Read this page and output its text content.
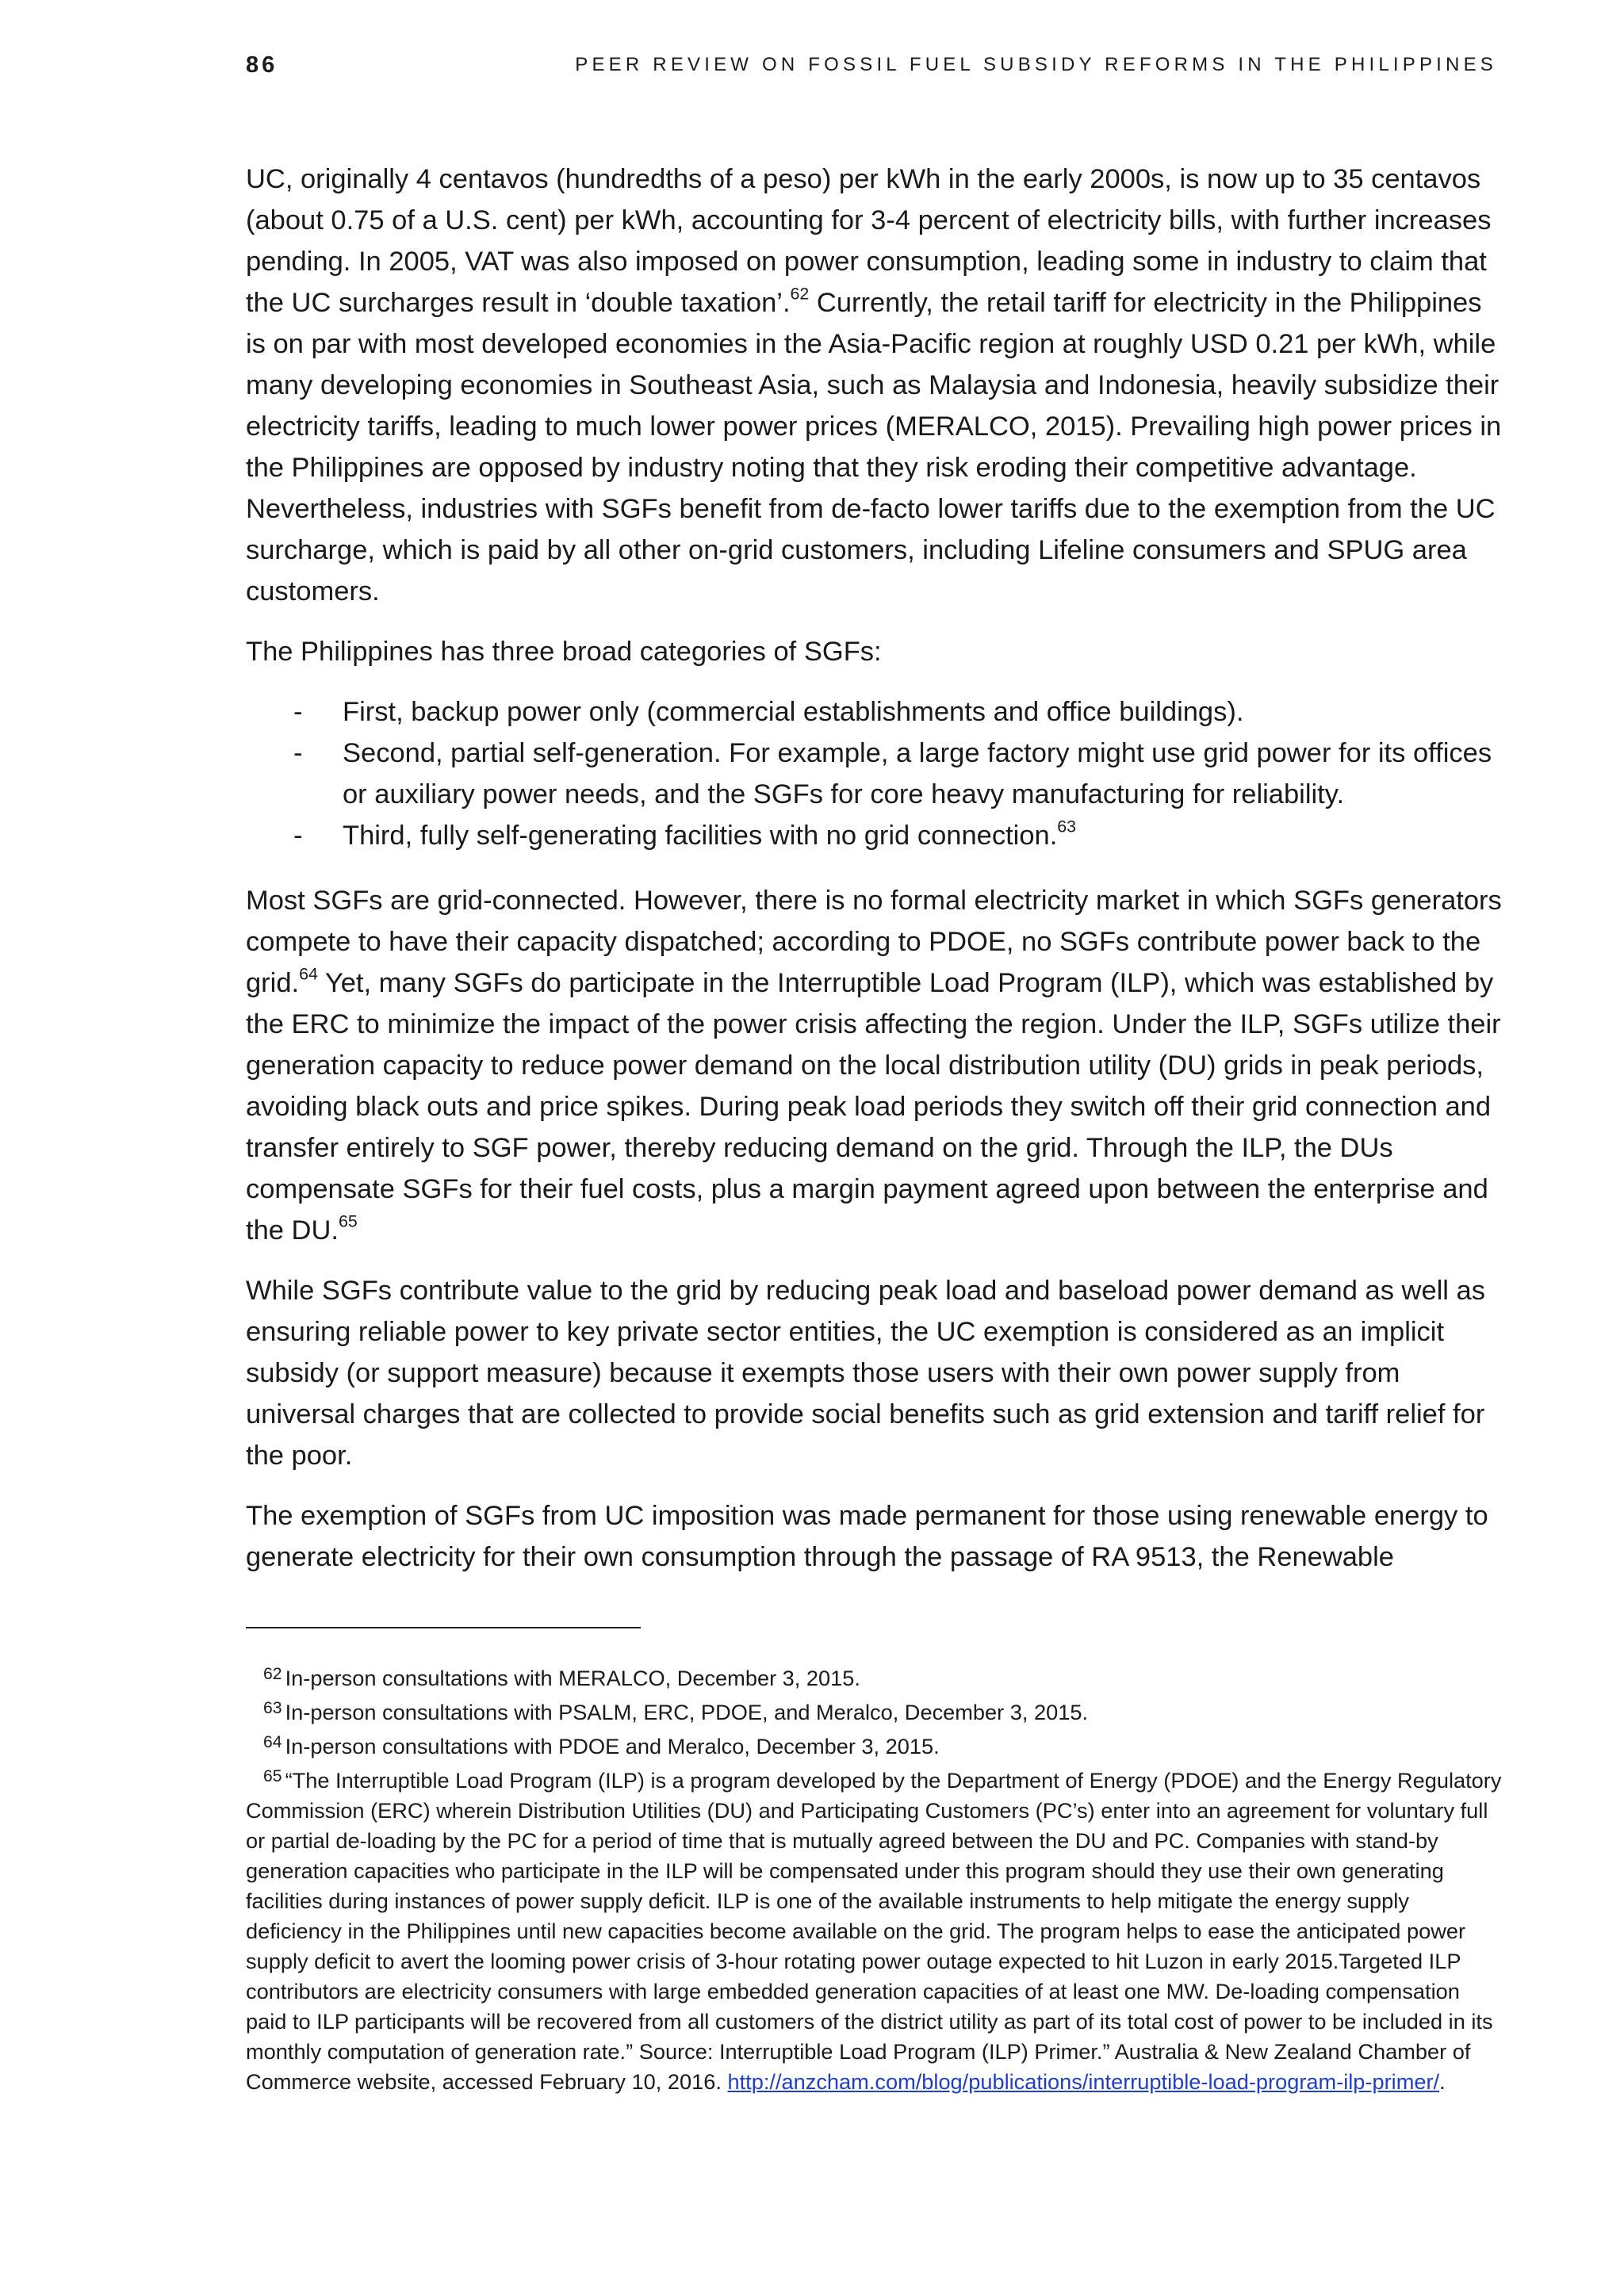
86	PEER REVIEW ON FOSSIL FUEL SUBSIDY REFORMS IN THE PHILIPPINES

UC, originally 4 centavos (hundredths of a peso) per kWh in the early 2000s, is now up to 35 centavos (about 0.75 of a U.S. cent) per kWh, accounting for 3-4 percent of electricity bills, with further increases pending. In 2005, VAT was also imposed on power consumption, leading some in industry to claim that the UC surcharges result in ‘double taxation’.$^{62}$ Currently, the retail tariff for electricity in the Philippines is on par with most developed economies in the Asia-Pacific region at roughly USD 0.21 per kWh, while many developing economies in Southeast Asia, such as Malaysia and Indonesia, heavily subsidize their electricity tariffs, leading to much lower power prices (MERALCO, 2015). Prevailing high power prices in the Philippines are opposed by industry noting that they risk eroding their competitive advantage. Nevertheless, industries with SGFs benefit from de-facto lower tariffs due to the exemption from the UC surcharge, which is paid by all other on-grid customers, including Lifeline consumers and SPUG area customers.

The Philippines has three broad categories of SGFs:

- First, backup power only (commercial establishments and office buildings).
- Second, partial self-generation. For example, a large factory might use grid power for its offices or auxiliary power needs, and the SGFs for core heavy manufacturing for reliability.
- Third, fully self-generating facilities with no grid connection.$^{63}$

Most SGFs are grid-connected. However, there is no formal electricity market in which SGFs generators compete to have their capacity dispatched; according to PDOE, no SGFs contribute power back to the grid.$^{64}$ Yet, many SGFs do participate in the Interruptible Load Program (ILP), which was established by the ERC to minimize the impact of the power crisis affecting the region. Under the ILP, SGFs utilize their generation capacity to reduce power demand on the local distribution utility (DU) grids in peak periods, avoiding black outs and price spikes. During peak load periods they switch off their grid connection and transfer entirely to SGF power, thereby reducing demand on the grid. Through the ILP, the DUs compensate SGFs for their fuel costs, plus a margin payment agreed upon between the enterprise and the DU.$^{65}$

While SGFs contribute value to the grid by reducing peak load and baseload power demand as well as ensuring reliable power to key private sector entities, the UC exemption is considered as an implicit subsidy (or support measure) because it exempts those users with their own power supply from universal charges that are collected to provide social benefits such as grid extension and tariff relief for the poor.

The exemption of SGFs from UC imposition was made permanent for those using renewable energy to generate electricity for their own consumption through the passage of RA 9513, the Renewable

$^{62}$ In-person consultations with MERALCO, December 3, 2015.

$^{63}$ In-person consultations with PSALM, ERC, PDOE, and Meralco, December 3, 2015.

$^{64}$ In-person consultations with PDOE and Meralco, December 3, 2015.

$^{65}$ “The Interruptible Load Program (ILP) is a program developed by the Department of Energy (PDOE) and the Energy Regulatory Commission (ERC) wherein Distribution Utilities (DU) and Participating Customers (PC’s) enter into an agreement for voluntary full or partial de-loading by the PC for a period of time that is mutually agreed between the DU and PC. Companies with stand-by generation capacities who participate in the ILP will be compensated under this program should they use their own generating facilities during instances of power supply deficit. ILP is one of the available instruments to help mitigate the energy supply deficiency in the Philippines until new capacities become available on the grid. The program helps to ease the anticipated power supply deficit to avert the looming power crisis of 3-hour rotating power outage expected to hit Luzon in early 2015.Targeted ILP contributors are electricity consumers with large embedded generation capacities of at least one MW. De-loading compensation paid to ILP participants will be recovered from all customers of the district utility as part of its total cost of power to be included in its monthly computation of generation rate.” Source: Interruptible Load Program (ILP) Primer.” Australia & New Zealand Chamber of Commerce website, accessed February 10, 2016. http://anzcham.com/blog/publications/interruptible-load-program-ilp-primer/.
